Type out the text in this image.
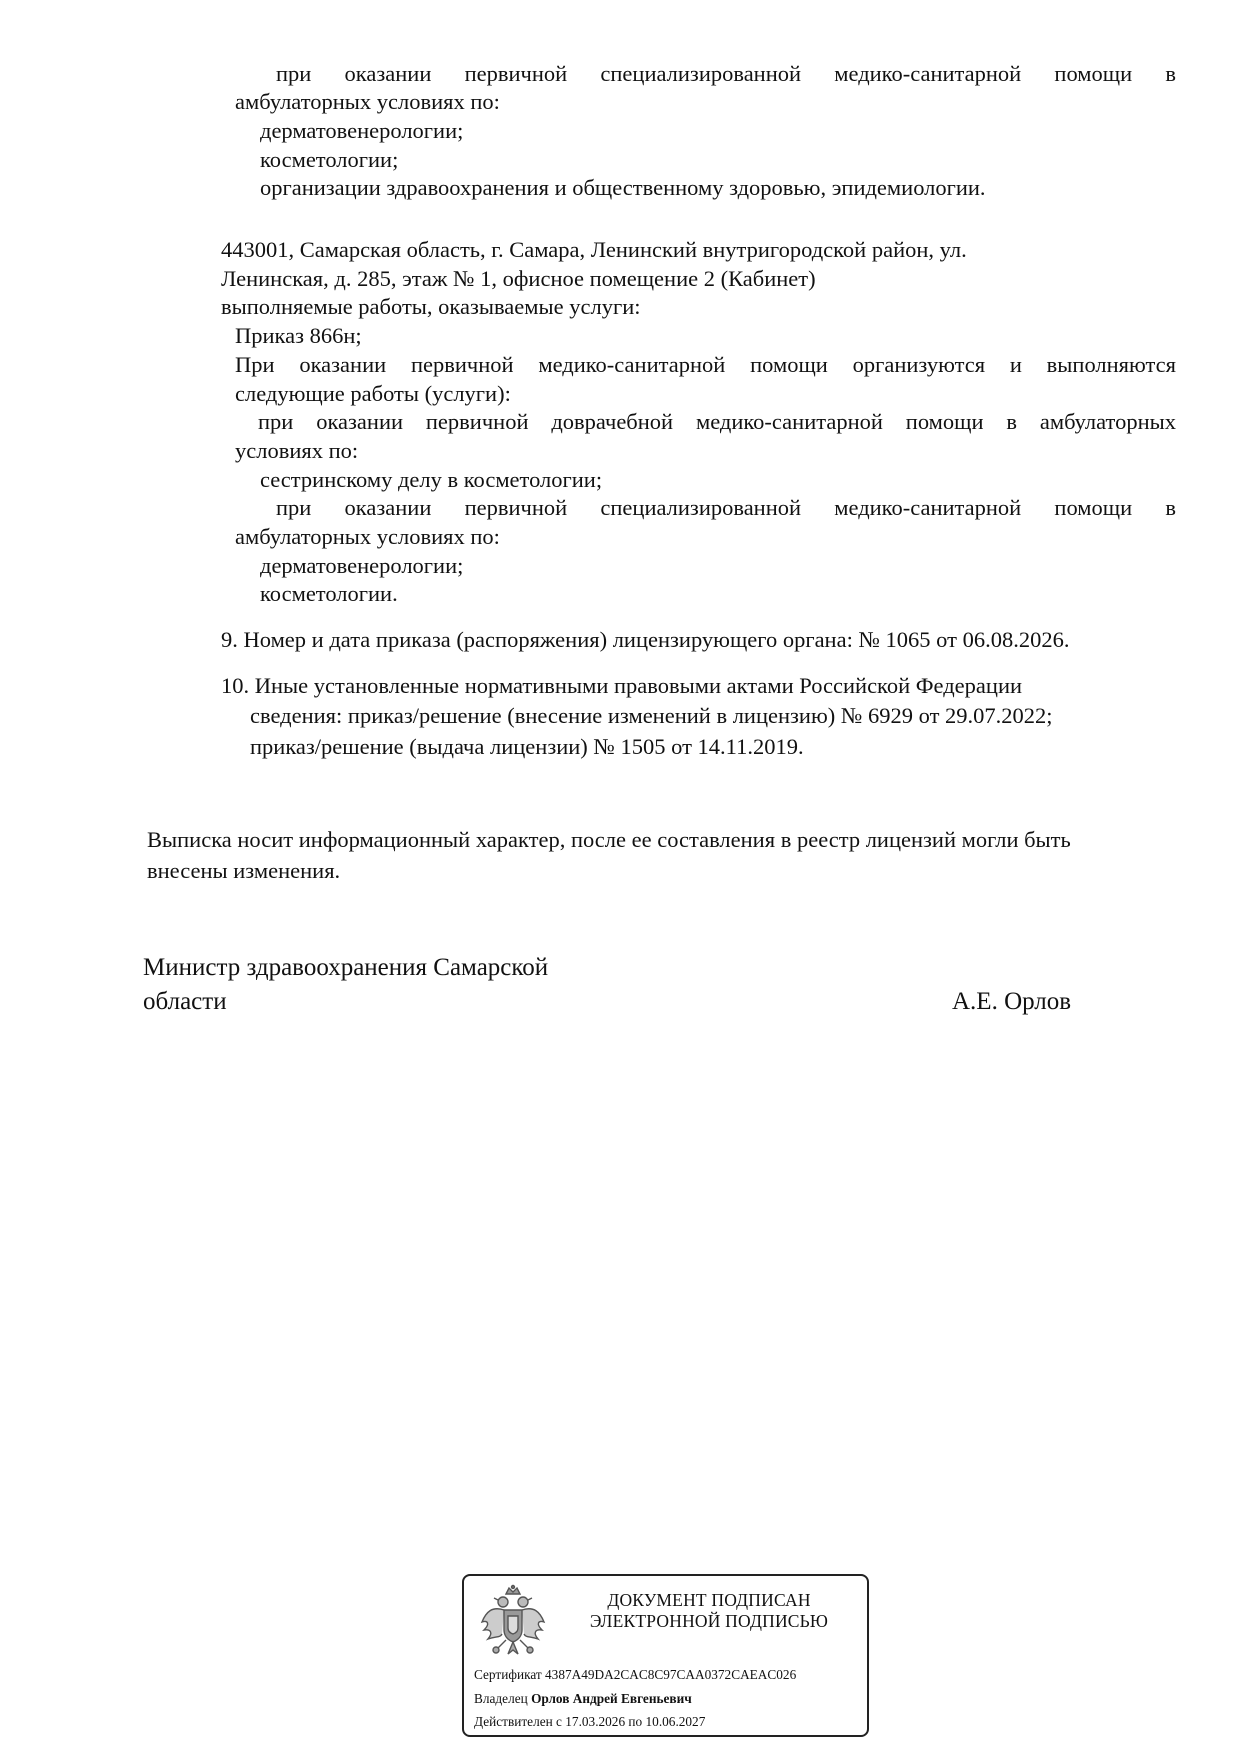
при оказании первичной специализированной медико-санитарной помощи в
амбулаторных условиях по:
дерматовенерологии;
косметологии;
организации здравоохранения и общественному здоровью, эпидемиологии.
443001, Самарская область, г. Самара, Ленинский внутригородской район, ул.
Ленинская, д. 285, этаж № 1, офисное помещение 2 (Кабинет)
выполняемые работы, оказываемые услуги:
Приказ 866н;
При оказании первичной медико-санитарной помощи организуются и выполняются
следующие работы (услуги):
при оказании первичной доврачебной медико-санитарной помощи в амбулаторных
условиях по:
сестринскому делу в косметологии;
при оказании первичной специализированной медико-санитарной помощи в
амбулаторных условиях по:
дерматовенерологии;
косметологии.
9. Номер и дата приказа (распоряжения) лицензирующего органа: № 1065 от 06.08.2026.
10. Иные установленные нормативными правовыми актами Российской Федерации
сведения: приказ/решение (внесение изменений в лицензию) № 6929 от 29.07.2022;
приказ/решение (выдача лицензии) № 1505 от 14.11.2019.
Выписка носит информационный характер, после ее составления в реестр лицензий могли быть
внесены изменения.
Министр здравоохранения Самарской
области	А.Е. Орлов
ДОКУМЕНТ ПОДПИСАН
ЭЛЕКТРОННОЙ ПОДПИСЬЮ
Сертификат 4387A49DA2CAC8C97CAA0372CAEAC026
Владелец Орлов Андрей Евгеньевич
Действителен с 17.03.2026 по 10.06.2027
